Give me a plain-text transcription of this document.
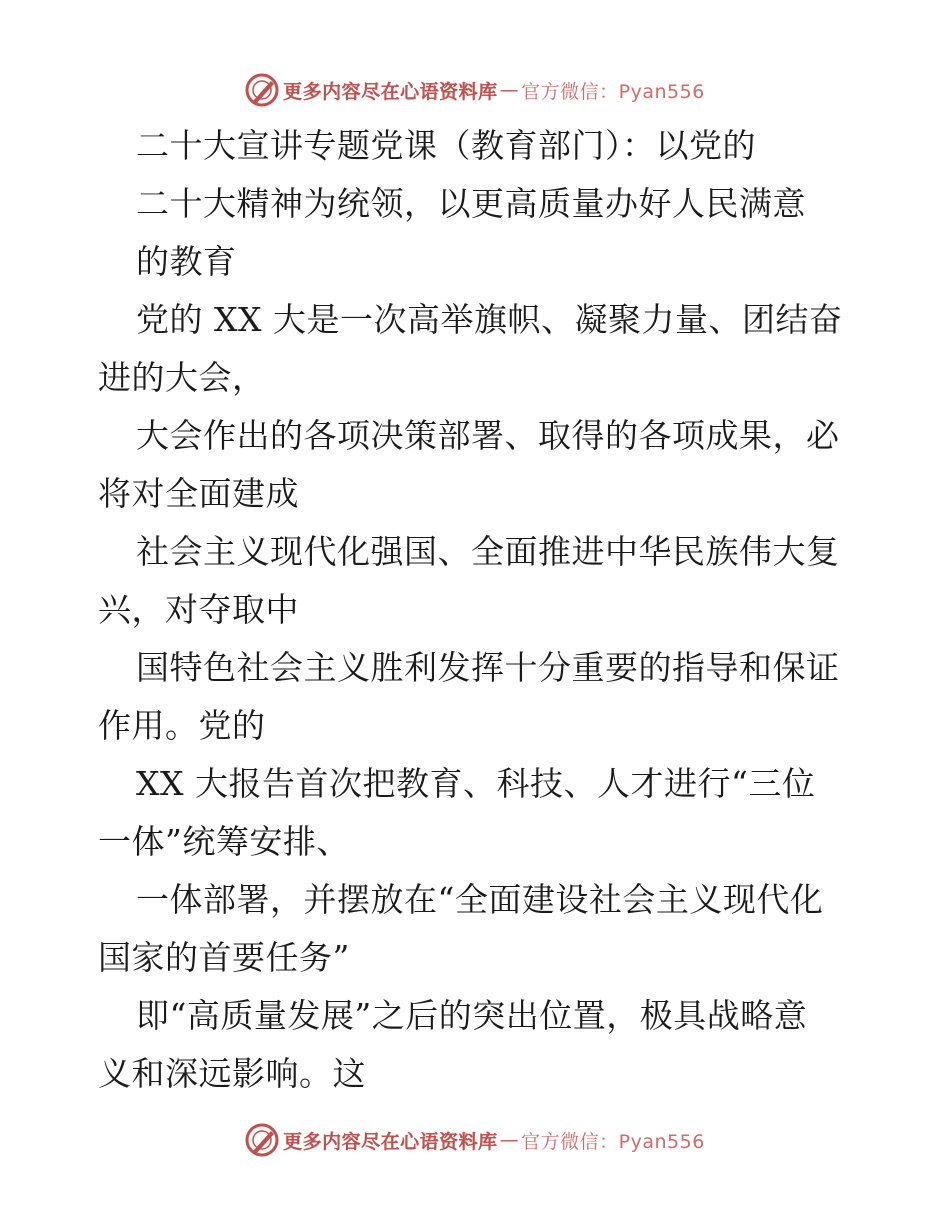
更多内容尽在心语资料库 — 官方微信：Pyan556
二十大宣讲专题党课（教育部门）：以党的
二十大精神为统领，以更高质量办好人民满意
的教育
党的 XX 大是一次高举旗帜、凝聚力量、团结奋
进的大会，
大会作出的各项决策部署、取得的各项成果，必
将对全面建成
社会主义现代化强国、全面推进中华民族伟大复
兴，对夺取中
国特色社会主义胜利发挥十分重要的指导和保证
作用。党的
XX 大报告首次把教育、科技、人才进行“三位
一体”统筹安排、
一体部署，并摆放在“全面建设社会主义现代化
国家的首要任务”
即“高质量发展”之后的突出位置，极具战略意
义和深远影响。这
更多内容尽在心语资料库 — 官方微信：Pyan556
